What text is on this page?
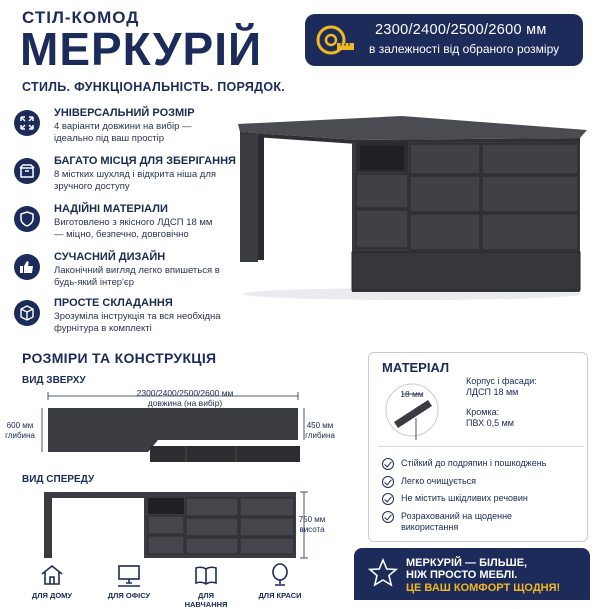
СТІЛ-КОМОД
МЕРКУРІЙ
СТИЛЬ. ФУНКЦІОНАЛЬНІСТЬ. ПОРЯДОК.
2300/2400/2500/2600 мм
в залежності від обраного розміру
УНІВЕРСАЛЬНИЙ РОЗМІР
4 варіанти довжини на вибір — ідеально під ваш простір
БАГАТО МІСЦЯ ДЛЯ ЗБЕРІГАННЯ
8 містких шухляд і відкрита ніша для зручного доступу
НАДІЙНІ МАТЕРІАЛИ
Виготовлено з якісного ЛДСП 18 мм — міцно, безпечно, довговічно
СУЧАСНИЙ ДИЗАЙН
Лаконічний вигляд легко впишеться в будь-який інтер'єр
ПРОСТЕ СКЛАДАННЯ
Зрозуміла інструкція та вся необхідна фурнітура в комплекті
РОЗМІРИ ТА КОНСТРУКЦІЯ
ВИД ЗВЕРХУ
2300/2400/2500/2600 мм
довжина (на вибір)
600 мм
глибина
450 мм
глибина
ВИД СПЕРЕДУ
750 мм
висота
МАТЕРІАЛ
18 мм
Корпус і фасади:
ЛДСП 18 мм
Кромка:
ПВХ 0,5 мм
Стійкий до подряпин і пошкоджень
Легко очищується
Не містить шкідливих речовин
Розрахований на щоденне використання
ДЛЯ ДОМУ	ДЛЯ ОФІСУ	ДЛЯ НАВЧАННЯ
ДЛЯ КРАСИ
МЕРКУРІЙ — БІЛЬШЕ,
НІЖ ПРОСТО МЕБЛІ.
ЦЕ ВАШ КОМФОРТ ЩОДНЯ!
